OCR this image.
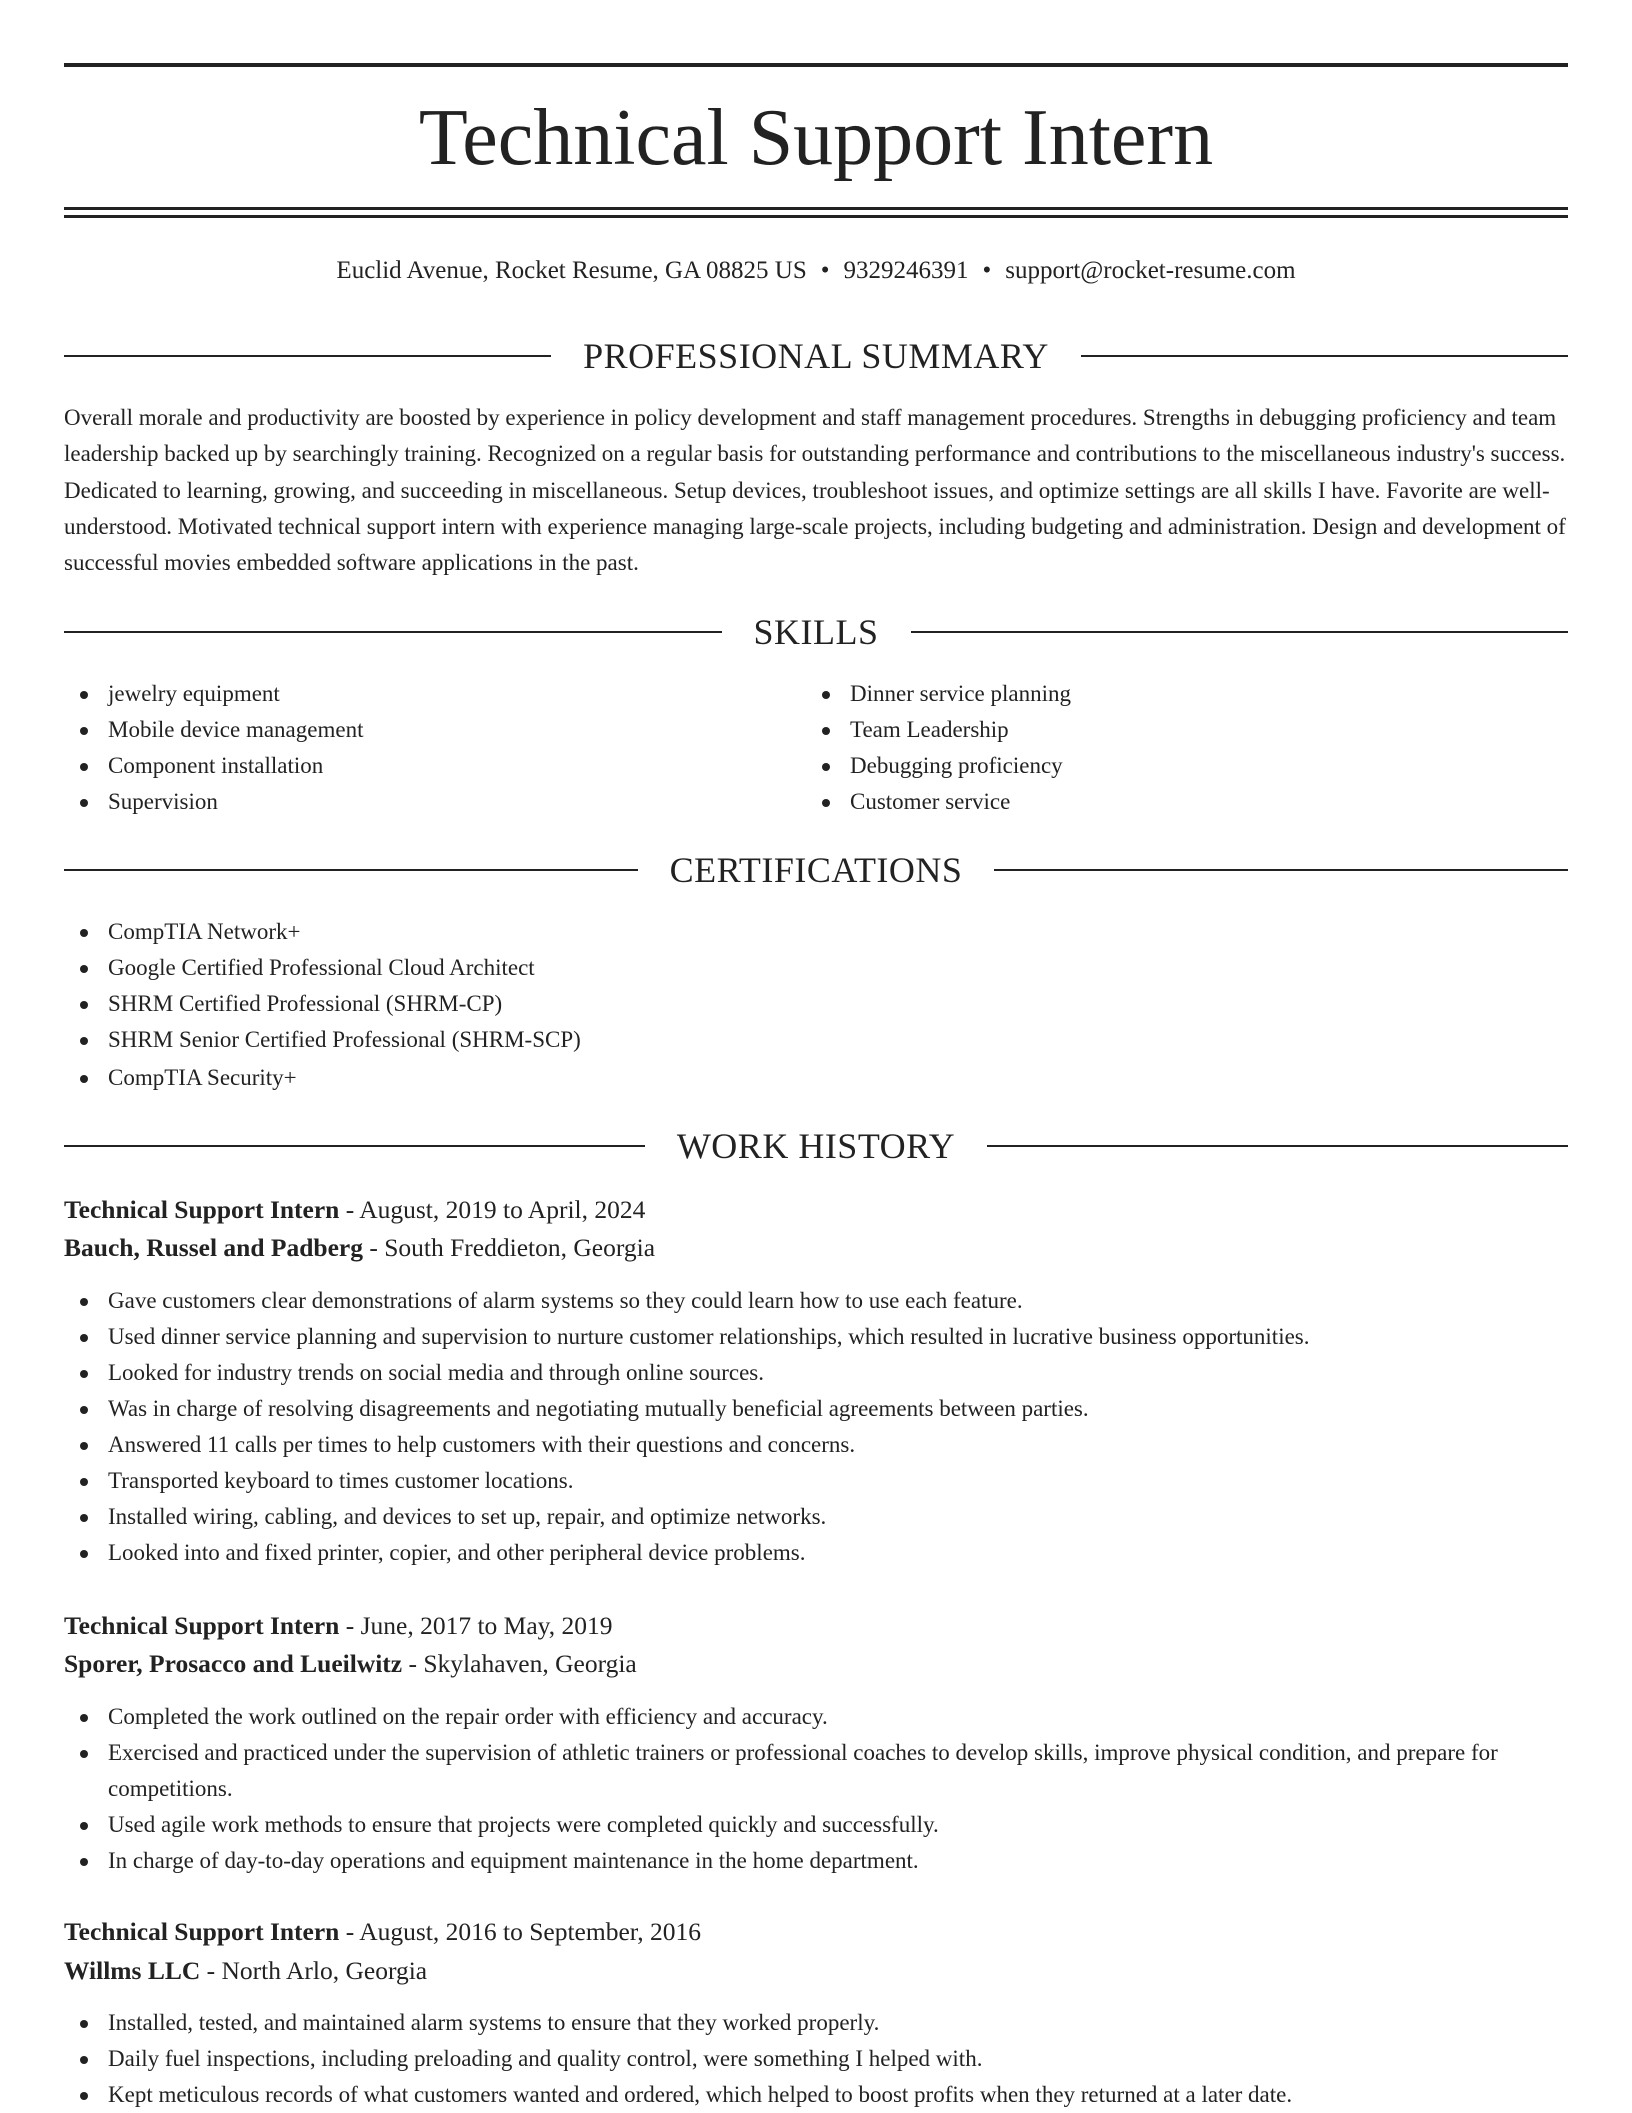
Technical Support Intern
Euclid Avenue, Rocket Resume, GA 08825 US • 9329246391 • support@rocket-resume.com
PROFESSIONAL SUMMARY

Overall morale and productivity are boosted by experience in policy development and staff management procedures. Strengths in debugging proficiency and team leadership backed up by searchingly training. Recognized on a regular basis for outstanding performance and contributions to the miscellaneous industry's success. Dedicated to learning, growing, and succeeding in miscellaneous. Setup devices, troubleshoot issues, and optimize settings are all skills I have. Favorite are well-understood. Motivated technical support intern with experience managing large-scale projects, including budgeting and administration. Design and development of successful movies embedded software applications in the past.

SKILLS
jewelry equipment
Mobile device management
Component installation
Supervision
Dinner service planning
Team Leadership
Debugging proficiency
Customer service
CERTIFICATIONS
CompTIA Network+
Google Certified Professional Cloud Architect
SHRM Certified Professional (SHRM-CP)
SHRM Senior Certified Professional (SHRM-SCP)
CompTIA Security+
WORK HISTORY
Technical Support Intern - August, 2019 to April, 2024
Bauch, Russel and Padberg - South Freddieton, Georgia
Gave customers clear demonstrations of alarm systems so they could learn how to use each feature.
Used dinner service planning and supervision to nurture customer relationships, which resulted in lucrative business opportunities.
Looked for industry trends on social media and through online sources.
Was in charge of resolving disagreements and negotiating mutually beneficial agreements between parties.
Answered 11 calls per times to help customers with their questions and concerns.
Transported keyboard to times customer locations.
Installed wiring, cabling, and devices to set up, repair, and optimize networks.
Looked into and fixed printer, copier, and other peripheral device problems.
Technical Support Intern - June, 2017 to May, 2019
Sporer, Prosacco and Lueilwitz - Skylahaven, Georgia
Completed the work outlined on the repair order with efficiency and accuracy.
Exercised and practiced under the supervision of athletic trainers or professional coaches to develop skills, improve physical condition, and prepare for competitions.
Used agile work methods to ensure that projects were completed quickly and successfully.
In charge of day-to-day operations and equipment maintenance in the home department.
Technical Support Intern - August, 2016 to September, 2016
Willms LLC - North Arlo, Georgia
Installed, tested, and maintained alarm systems to ensure that they worked properly.
Daily fuel inspections, including preloading and quality control, were something I helped with.
Kept meticulous records of what customers wanted and ordered, which helped to boost profits when they returned at a later date.
